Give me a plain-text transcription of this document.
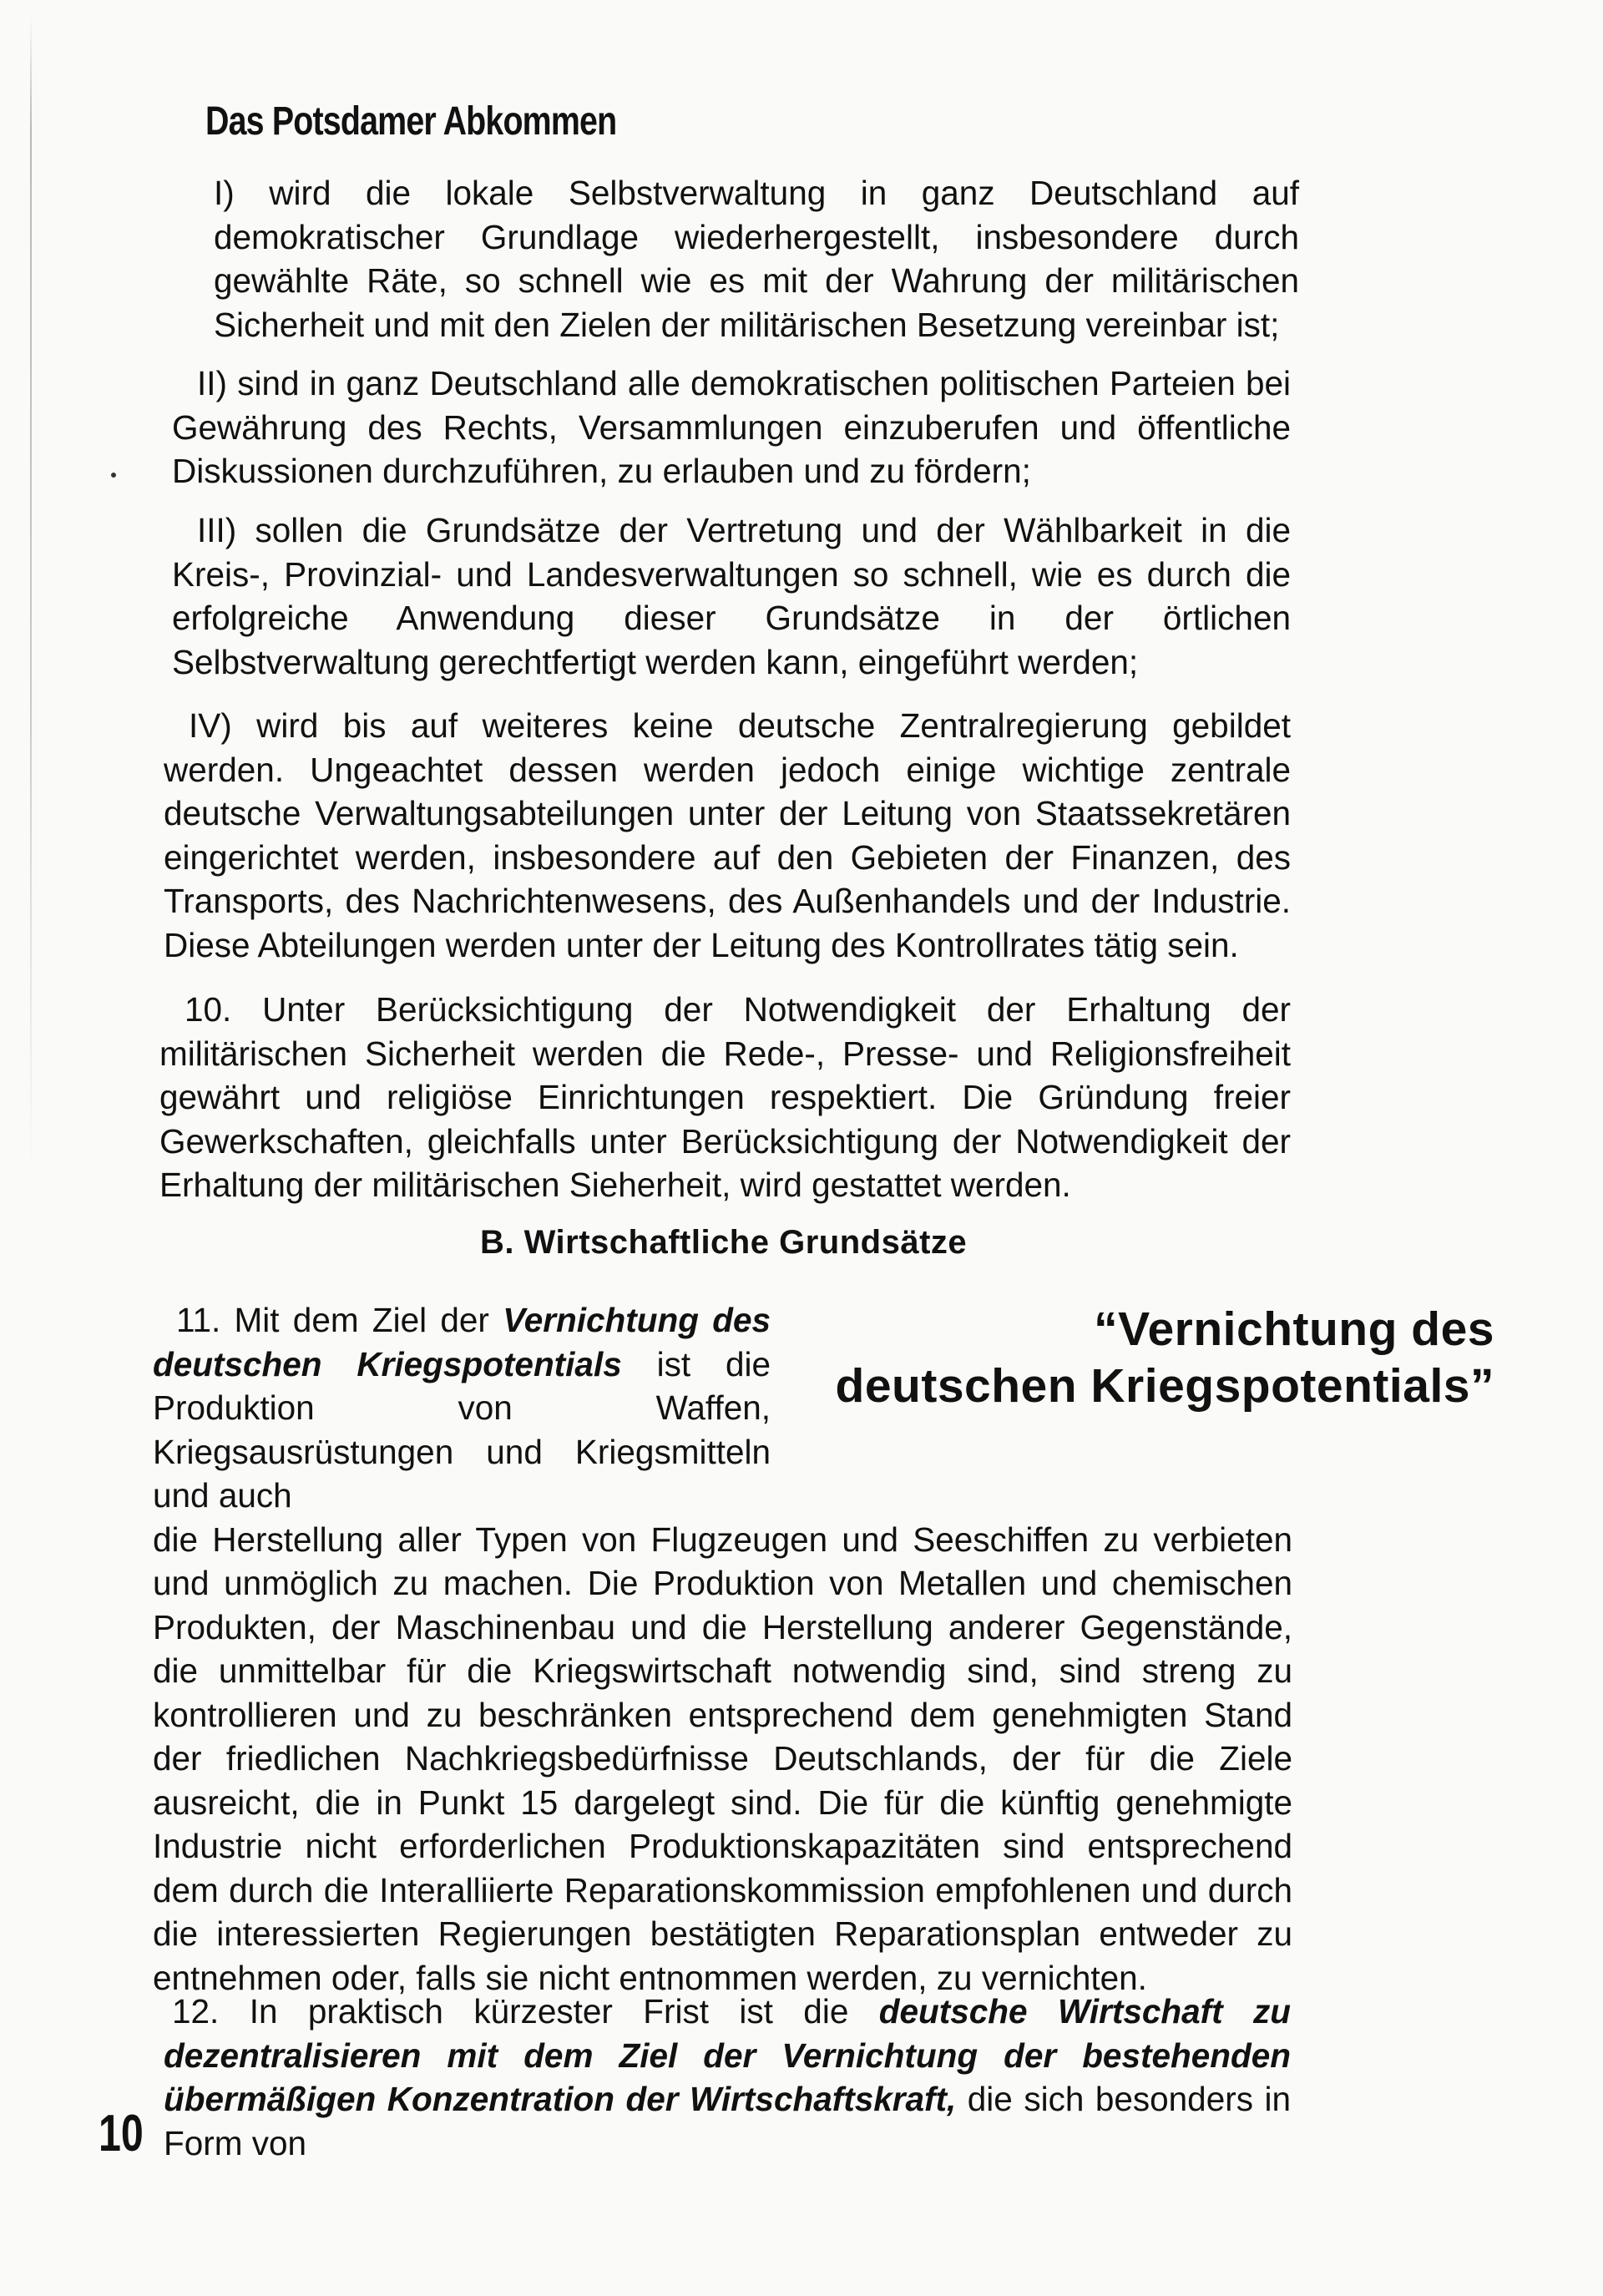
Das Potsdamer Abkommen

I) wird die lokale Selbstverwaltung in ganz Deutschland auf demokratischer Grundlage wiederhergestellt, insbesondere durch gewählte Räte, so schnell wie es mit der Wahrung der militärischen Sicherheit und mit den Zielen der militärischen Besetzung vereinbar ist;

II) sind in ganz Deutschland alle demokratischen politischen Parteien bei Gewährung des Rechts, Versammlungen einzuberufen und öffentliche Diskussionen durchzuführen, zu erlauben und zu fördern;

III) sollen die Grundsätze der Vertretung und der Wählbarkeit in die Kreis-, Provinzial- und Landesverwaltungen so schnell, wie es durch die erfolgreiche Anwendung dieser Grundsätze in der örtlichen Selbstverwaltung gerechtfertigt werden kann, eingeführt werden;

IV) wird bis auf weiteres keine deutsche Zentralregierung gebildet werden. Ungeachtet dessen werden jedoch einige wichtige zentrale deutsche Verwaltungsabteilungen unter der Leitung von Staatssekretären eingerichtet werden, insbesondere auf den Gebieten der Finanzen, des Transports, des Nachrichtenwesens, des Außenhandels und der Industrie. Diese Abteilungen werden unter der Leitung des Kontrollrates tätig sein.

10. Unter Berücksichtigung der Notwendigkeit der Erhaltung der militärischen Sicherheit werden die Rede-, Presse- und Religionsfreiheit gewährt und religiöse Einrichtungen respektiert. Die Gründung freier Gewerkschaften, gleichfalls unter Berücksichtigung der Notwendigkeit der Erhaltung der militärischen Sieherheit, wird gestattet werden.

B. Wirtschaftliche Grundsätze
“Vernichtung des
deutschen Kriegspotentials”

11. Mit dem Ziel der Vernichtung des deutschen Kriegspotentials ist die Produktion von Waffen, Kriegsausrüstungen und Kriegsmitteln und auch

die Herstellung aller Typen von Flugzeugen und Seeschiffen zu verbieten und unmöglich zu machen. Die Produktion von Metallen und chemischen Produkten, der Maschinenbau und die Herstellung anderer Gegenstände, die unmittelbar für die Kriegswirtschaft notwendig sind, sind streng zu kontrollieren und zu beschränken entsprechend dem genehmigten Stand der friedlichen Nachkriegsbedürfnisse Deutschlands, der für die Ziele ausreicht, die in Punkt 15 dargelegt sind. Die für die künftig genehmigte Industrie nicht erforderlichen Produktionskapazitäten sind entsprechend dem durch die Interalliierte Reparationskommission empfohlenen und durch die interessierten Regierungen bestätigten Reparationsplan entweder zu entnehmen oder, falls sie nicht entnommen werden, zu vernichten.

12. In praktisch kürzester Frist ist die deutsche Wirtschaft zu dezentralisieren mit dem Ziel der Vernichtung der bestehenden übermäßigen Konzentration der Wirtschaftskraft, die sich besonders in Form von

10
